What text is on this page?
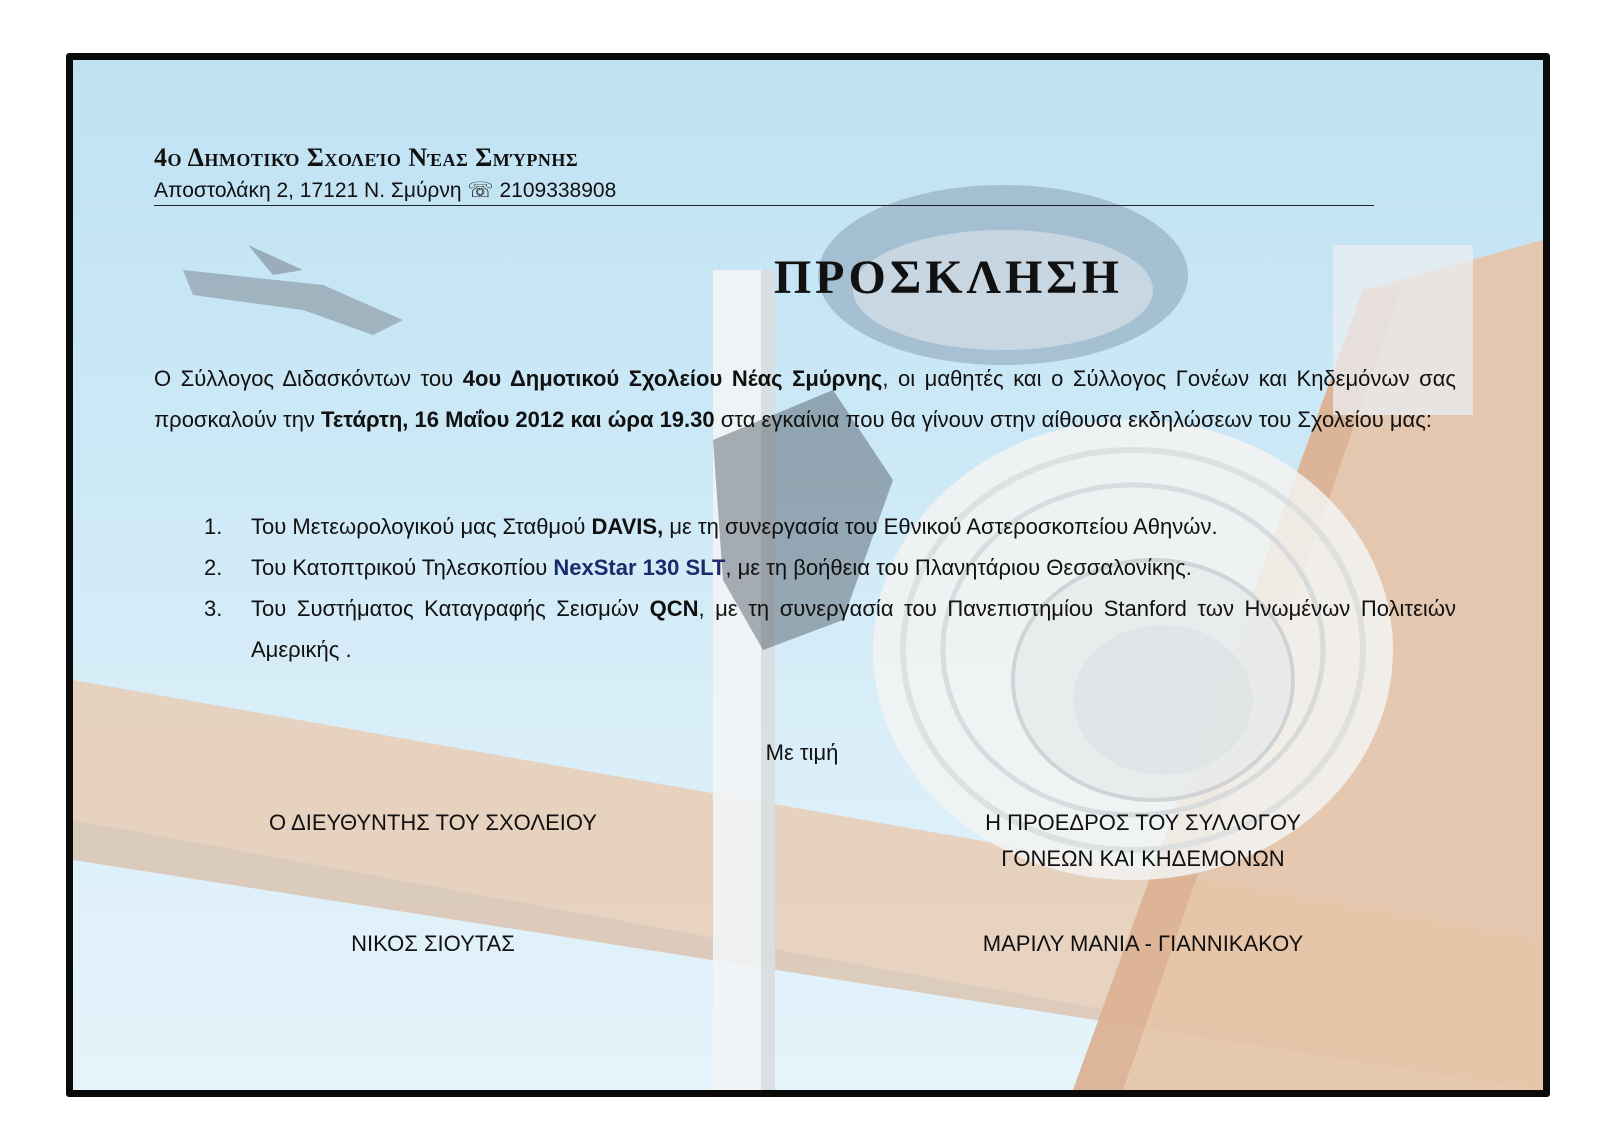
4ο Δημοτικό Σχολείο Νέας Σμύρνης
Αποστολάκη 2, 17121 Ν. Σμύρνη ☏ 2109338908
ΠΡΟΣΚΛΗΣΗ
Ο Σύλλογος Διδασκόντων του 4ου Δημοτικού Σχολείου Νέας Σμύρνης, οι μαθητές και ο Σύλλογος Γονέων και Κηδεμόνων σας προσκαλούν την Τετάρτη, 16 Μαΐου 2012 και ώρα 19.30 στα εγκαίνια που θα γίνουν στην αίθουσα εκδηλώσεων του Σχολείου μας:
1. Του Μετεωρολογικού μας Σταθμού DAVIS, με τη συνεργασία του Εθνικού Αστεροσκοπείου Αθηνών.
2. Του Κατοπτρικού Τηλεσκοπίου NexStar 130 SLT, με τη βοήθεια του Πλανητάριου Θεσσαλονίκης.
3. Του Συστήματος Καταγραφής Σεισμών QCN, με τη συνεργασία του Πανεπιστημίου Stanford των Ηνωμένων Πολιτειών Αμερικής .
Με τιμή
Ο ΔΙΕΥΘΥΝΤΗΣ ΤΟΥ ΣΧΟΛΕΙΟΥ	Η ΠΡΟΕΔΡΟΣ ΤΟΥ ΣΥΛΛΟΓΟΥ
ΓΟΝΕΩΝ ΚΑΙ ΚΗΔΕΜΟΝΩΝ
ΝΙΚΟΣ ΣΙΟΥΤΑΣ	ΜΑΡΙΛΥ ΜΑΝΙΑ - ΓΙΑΝΝΙΚΑΚΟΥ
